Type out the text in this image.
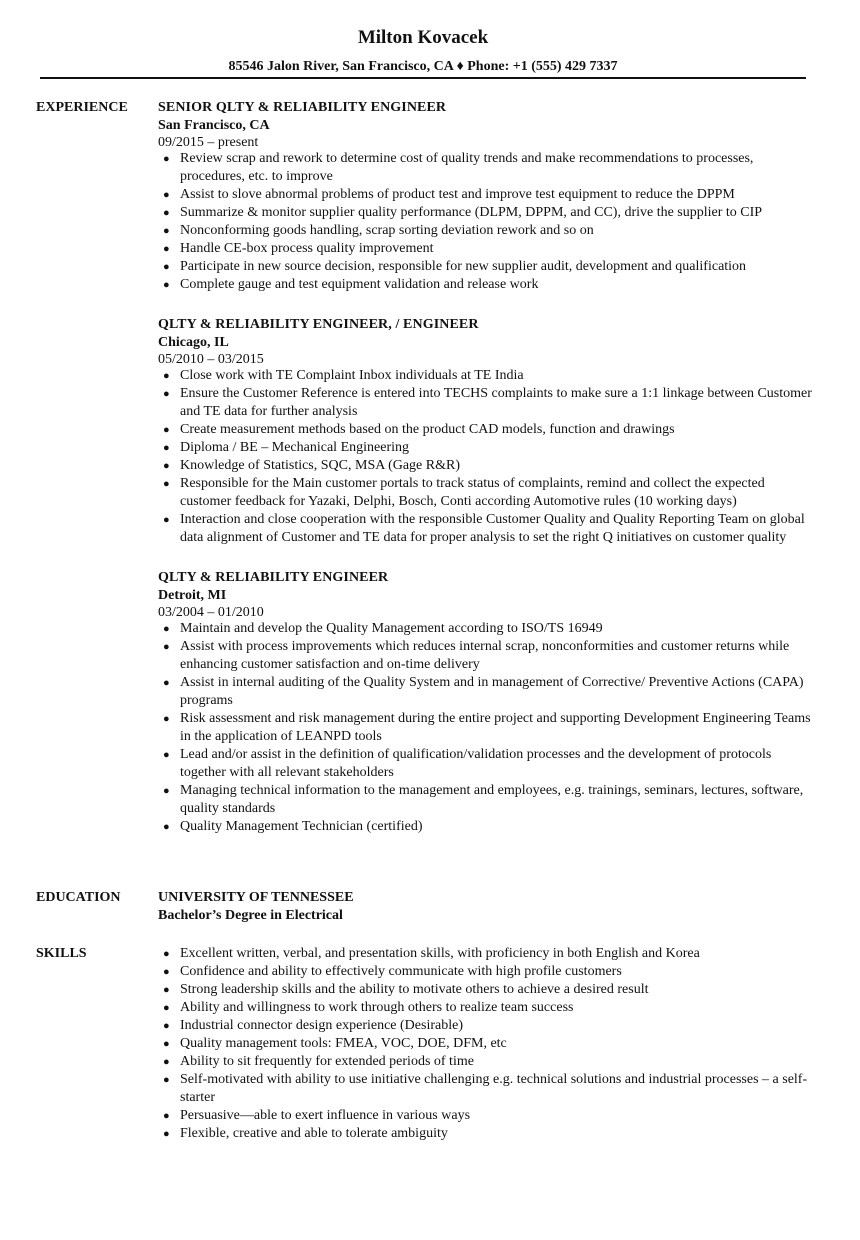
Milton Kovacek
85546 Jalon River, San Francisco, CA ♦ Phone: +1 (555) 429 7337
EXPERIENCE SENIOR QLTY & RELIABILITY ENGINEER
San Francisco, CA
09/2015 – present
● Review scrap and rework to determine cost of quality trends and make recommendations to processes, procedures, etc. to improve
● Assist to slove abnormal problems of product test and improve test equipment to reduce the DPPM
● Summarize & monitor supplier quality performance (DLPM, DPPM, and CC), drive the supplier to CIP
● Nonconforming goods handling, scrap sorting deviation rework and so on
● Handle CE-box process quality improvement
● Participate in new source decision, responsible for new supplier audit, development and qualification
● Complete gauge and test equipment validation and release work
QLTY & RELIABILITY ENGINEER, / ENGINEER
Chicago, IL
05/2010 – 03/2015
● Close work with TE Complaint Inbox individuals at TE India
● Ensure the Customer Reference is entered into TECHS complaints to make sure a 1:1 linkage between Customer and TE data for further analysis
● Create measurement methods based on the product CAD models, function and drawings
● Diploma / BE – Mechanical Engineering
● Knowledge of Statistics, SQC, MSA (Gage R&R)
● Responsible for the Main customer portals to track status of complaints, remind and collect the expected customer feedback for Yazaki, Delphi, Bosch, Conti according Automotive rules (10 working days)
● Interaction and close cooperation with the responsible Customer Quality and Quality Reporting Team on global data alignment of Customer and TE data for proper analysis to set the right Q initiatives on customer quality
QLTY & RELIABILITY ENGINEER
Detroit, MI
03/2004 – 01/2010
● Maintain and develop the Quality Management according to ISO/TS 16949
● Assist with process improvements which reduces internal scrap, nonconformities and customer returns while enhancing customer satisfaction and on-time delivery
● Assist in internal auditing of the Quality System and in management of Corrective/ Preventive Actions (CAPA) programs
● Risk assessment and risk management during the entire project and supporting Development Engineering Teams in the application of LEANPD tools
● Lead and/or assist in the definition of qualification/validation processes and the development of protocols together with all relevant stakeholders
● Managing technical information to the management and employees, e.g. trainings, seminars, lectures, software, quality standards
● Quality Management Technician (certified)
EDUCATION	UNIVERSITY OF TENNESSEE
Bachelor’s Degree in Electrical
SKILLS	● Excellent written, verbal, and presentation skills, with proficiency in both English and Korea
● Confidence and ability to effectively communicate with high profile customers
● Strong leadership skills and the ability to motivate others to achieve a desired result
● Ability and willingness to work through others to realize team success
● Industrial connector design experience (Desirable)
● Quality management tools: FMEA, VOC, DOE, DFM, etc
● Ability to sit frequently for extended periods of time
● Self-motivated with ability to use initiative challenging e.g. technical solutions and industrial processes – a self-starter
● Persuasive—able to exert influence in various ways
● Flexible, creative and able to tolerate ambiguity
